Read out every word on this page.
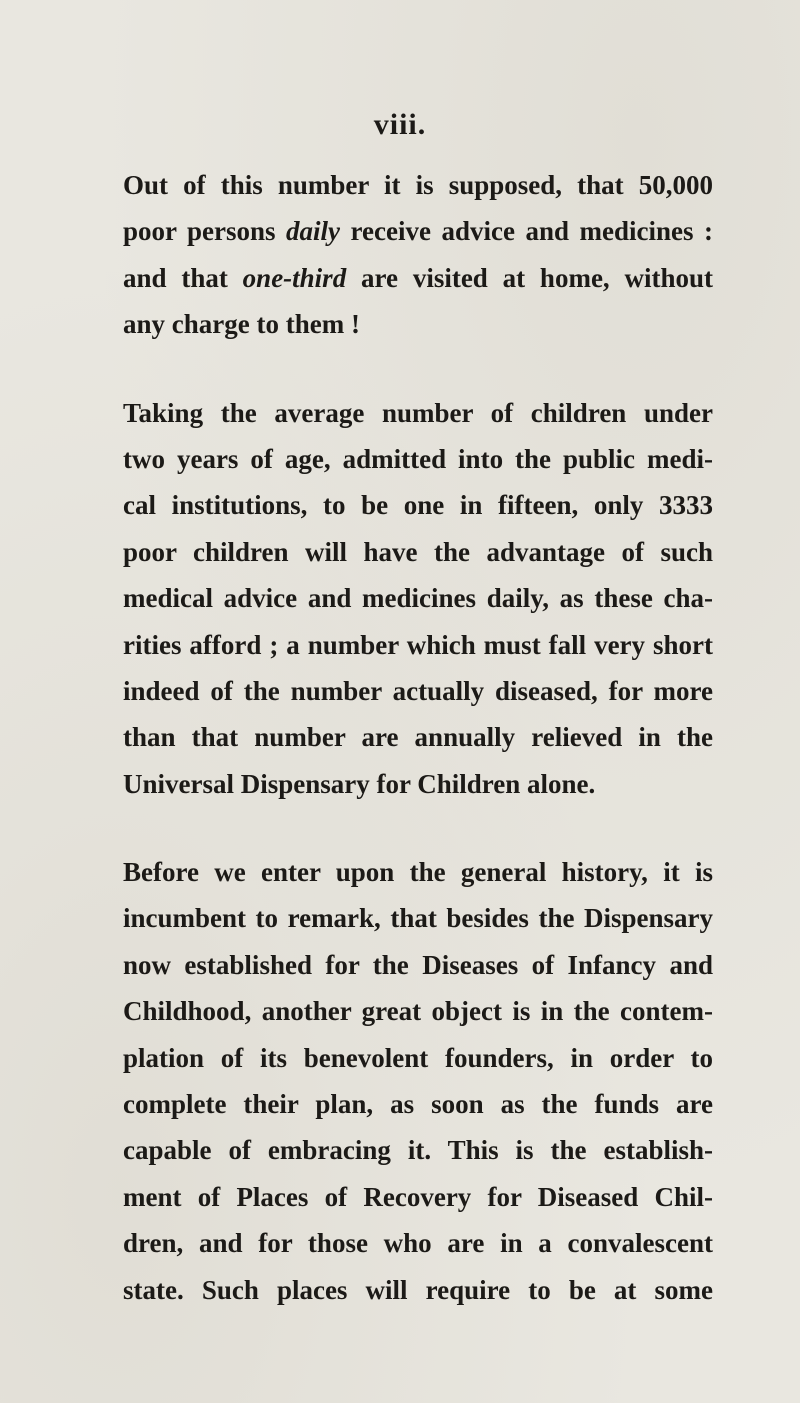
viii.
Out of this number it is supposed, that 50,000
poor persons daily receive advice and medicines :
and that one-third are visited at home, without
any charge to them !
Taking the average number of children under
two years of age, admitted into the public medi-
cal institutions, to be one in fifteen, only 3333
poor children will have the advantage of such
medical advice and medicines daily, as these cha-
rities afford ; a number which must fall very short
indeed of the number actually diseased, for more
than that number are annually relieved in the
Universal Dispensary for Children alone.
Before we enter upon the general history, it is
incumbent to remark, that besides the Dispensary
now established for the Diseases of Infancy and
Childhood, another great object is in the contem-
plation of its benevolent founders, in order to
complete their plan, as soon as the funds are
capable of embracing it. This is the establish-
ment of Places of Recovery for Diseased Chil-
dren, and for those who are in a convalescent
state. Such places will require to be at some
